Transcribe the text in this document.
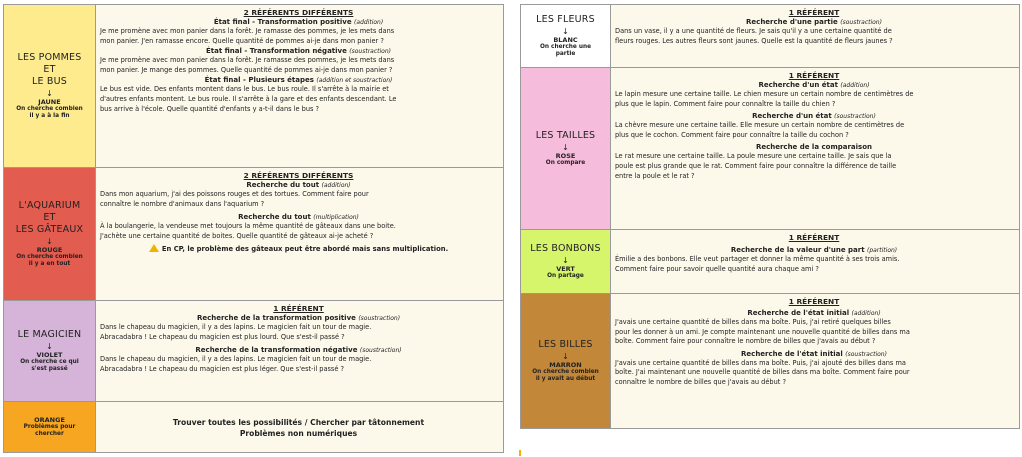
LES POMMES
ET
LE BUS
↓
JAUNE
On cherche combien
il y a à la fin
2 RÉFÉRENTS DIFFÉRENTS
État final - Transformation positive (addition)

Je me promène avec mon panier dans la forêt. Je ramasse des pommes, je les mets dans

mon panier. J'en ramasse encore. Quelle quantité de pommes ai-je dans mon panier ?

État final - Transformation négative (soustraction)

Je me promène avec mon panier dans la forêt. Je ramasse des pommes, je les mets dans

mon panier. Je mange des pommes. Quelle quantité de pommes ai-je dans mon panier ?

État final - Plusieurs étapes (addition et soustraction)

Le bus est vide. Des enfants montent dans le bus. Le bus roule. Il s'arrête à la mairie et

d'autres enfants montent. Le bus roule. Il s'arrête à la gare et des enfants descendant. Le

bus arrive à l'école. Quelle quantité d'enfants y a-t-il dans le bus ?

L'AQUARIUM
ET
LES GÂTEAUX
↓
ROUGE
On cherche combien
il y a en tout
2 RÉFÉRENTS DIFFÉRENTS
Recherche du tout (addition)

Dans mon aquarium, j'ai des poissons rouges et des tortues. Comment faire pour

connaître le nombre d'animaux dans l'aquarium ?

Recherche du tout (multiplication)

À la boulangerie, la vendeuse met toujours la même quantité de gâteaux dans une boite.

J'achète une certaine quantité de boites. Quelle quantité de gâteaux ai-je acheté ?

En CP, le problème des gâteaux peut être abordé mais sans multiplication.
LE MAGICIEN
↓
VIOLET
On cherche ce qui
s'est passé
1 RÉFÉRENT
Recherche de la transformation positive (soustraction)

Dans le chapeau du magicien, il y a des lapins. Le magicien fait un tour de magie.

Abracadabra ! Le chapeau du magicien est plus lourd. Que s'est-il passé ?

Recherche de la transformation négative (soustraction)

Dans le chapeau du magicien, il y a des lapins. Le magicien fait un tour de magie.

Abracadabra ! Le chapeau du magicien est plus léger. Que s'est-il passé ?

ORANGE
Problèmes pour
chercher
Trouver toutes les possibilités / Chercher par tâtonnement
Problèmes non numériques
LES FLEURS
↓
BLANC
On cherche une
partie
1 RÉFÉRENT
Recherche d'une partie (soustraction)

Dans un vase, il y a une quantité de fleurs. Je sais qu'il y a une certaine quantité de

fleurs rouges. Les autres fleurs sont jaunes. Quelle est la quantité de fleurs jaunes ?

LES TAILLES
↓
ROSE
On compare
1 RÉFÉRENT
Recherche d'un état (addition)

Le lapin mesure une certaine taille. Le chien mesure un certain nombre de centimètres de

plus que le lapin. Comment faire pour connaître la taille du chien ?

Recherche d'un état (soustraction)

La chèvre mesure une certaine taille. Elle mesure un certain nombre de centimètres de

plus que le cochon. Comment faire pour connaître la taille du cochon ?

Recherche de la comparaison

Le rat mesure une certaine taille. La poule mesure une certaine taille. Je sais que la

poule est plus grande que le rat. Comment faire pour connaître la différence de taille

entre la poule et le rat ?

LES BONBONS
↓
VERT
On partage
1 RÉFÉRENT
Recherche de la valeur d'une part (partition)

Émilie a des bonbons. Elle veut partager et donner la même quantité à ses trois amis.

Comment faire pour savoir quelle quantité aura chaque ami ?

LES BILLES
↓
MARRON
On cherche combien
il y avait au début
1 RÉFÉRENT
Recherche de l'état initial (addition)

J'avais une certaine quantité de billes dans ma boîte. Puis, j'ai retiré quelques billes

pour les donner à un ami. Je compte maintenant une nouvelle quantité de billes dans ma

boîte. Comment faire pour connaître le nombre de billes que j'avais au début ?

Recherche de l'état initial (soustraction)

J'avais une certaine quantité de billes dans ma boîte. Puis, j'ai ajouté des billes dans ma

boîte. J'ai maintenant une nouvelle quantité de billes dans ma boîte. Comment faire pour

connaître le nombre de billes que j'avais au début ?
